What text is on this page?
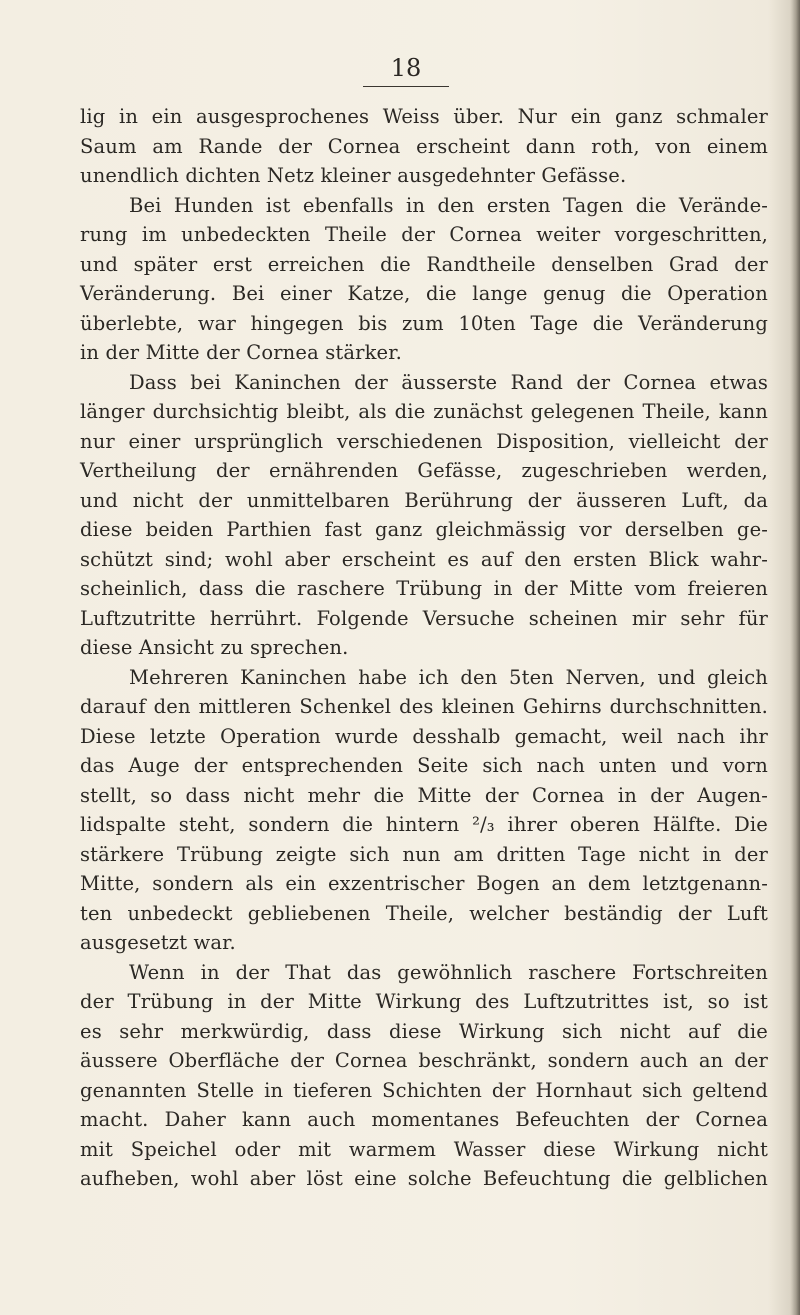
18
lig in ein ausgesprochenes Weiss über. Nur ein ganz schmaler
Saum am Rande der Cornea erscheint dann roth, von einem
unendlich dichten Netz kleiner ausgedehnter Gefässe.
Bei Hunden ist ebenfalls in den ersten Tagen die Verände-
rung im unbedeckten Theile der Cornea weiter vorgeschritten,
und später erst erreichen die Randtheile denselben Grad der
Veränderung. Bei einer Katze, die lange genug die Operation
überlebte, war hingegen bis zum 10ten Tage die Veränderung
in der Mitte der Cornea stärker.
Dass bei Kaninchen der äusserste Rand der Cornea etwas
länger durchsichtig bleibt, als die zunächst gelegenen Theile, kann
nur einer ursprünglich verschiedenen Disposition, vielleicht der
Vertheilung der ernährenden Gefässe, zugeschrieben werden,
und nicht der unmittelbaren Berührung der äusseren Luft, da
diese beiden Parthien fast ganz gleichmässig vor derselben ge-
schützt sind; wohl aber erscheint es auf den ersten Blick wahr-
scheinlich, dass die raschere Trübung in der Mitte vom freieren
Luftzutritte herrührt. Folgende Versuche scheinen mir sehr für
diese Ansicht zu sprechen.
Mehreren Kaninchen habe ich den 5ten Nerven, und gleich
darauf den mittleren Schenkel des kleinen Gehirns durchschnitten.
Diese letzte Operation wurde desshalb gemacht, weil nach ihr
das Auge der entsprechenden Seite sich nach unten und vorn
stellt, so dass nicht mehr die Mitte der Cornea in der Augen-
lidspalte steht, sondern die hintern ²/₃ ihrer oberen Hälfte. Die
stärkere Trübung zeigte sich nun am dritten Tage nicht in der
Mitte, sondern als ein exzentrischer Bogen an dem letztgenann-
ten unbedeckt gebliebenen Theile, welcher beständig der Luft
ausgesetzt war.
Wenn in der That das gewöhnlich raschere Fortschreiten
der Trübung in der Mitte Wirkung des Luftzutrittes ist, so ist
es sehr merkwürdig, dass diese Wirkung sich nicht auf die
äussere Oberfläche der Cornea beschränkt, sondern auch an der
genannten Stelle in tieferen Schichten der Hornhaut sich geltend
macht. Daher kann auch momentanes Befeuchten der Cornea
mit Speichel oder mit warmem Wasser diese Wirkung nicht
aufheben, wohl aber löst eine solche Befeuchtung die gelblichen
